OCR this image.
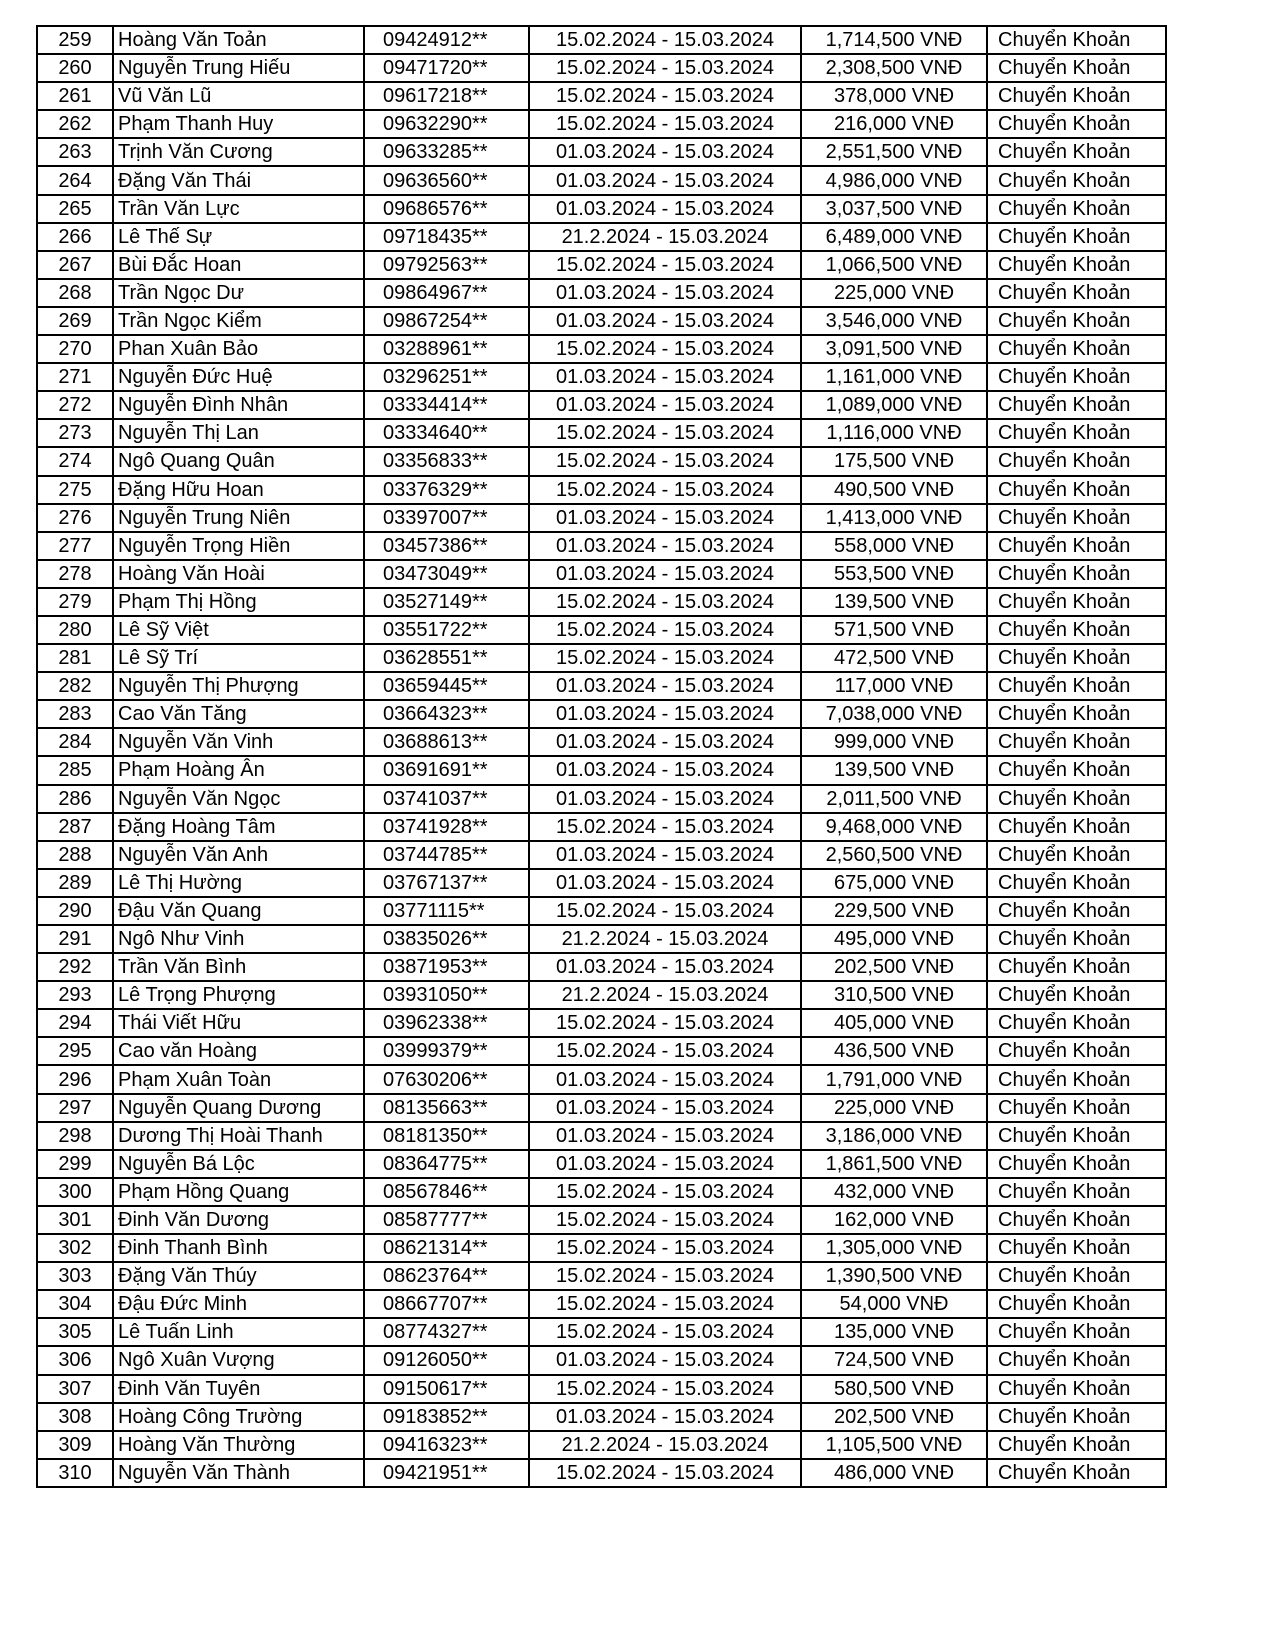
259	Hoàng Văn Toản	09424912**	15.02.2024 - 15.03.2024	1,714,500 VNĐ	Chuyển Khoản
260	Nguyễn Trung Hiếu	09471720**	15.02.2024 - 15.03.2024	2,308,500 VNĐ	Chuyển Khoản
261	Vũ Văn Lũ	09617218**	15.02.2024 - 15.03.2024	378,000 VNĐ	Chuyển Khoản
262	Phạm Thanh Huy	09632290**	15.02.2024 - 15.03.2024	216,000 VNĐ	Chuyển Khoản
263	Trịnh Văn Cương	09633285**	01.03.2024 - 15.03.2024	2,551,500 VNĐ	Chuyển Khoản
264	Đặng Văn Thái	09636560**	01.03.2024 - 15.03.2024	4,986,000 VNĐ	Chuyển Khoản
265	Trần Văn Lực	09686576**	01.03.2024 - 15.03.2024	3,037,500 VNĐ	Chuyển Khoản
266	Lê Thế Sự	09718435**	21.2.2024 - 15.03.2024	6,489,000 VNĐ	Chuyển Khoản
267	Bùi Đắc Hoan	09792563**	15.02.2024 - 15.03.2024	1,066,500 VNĐ	Chuyển Khoản
268	Trần Ngọc Dư	09864967**	01.03.2024 - 15.03.2024	225,000 VNĐ	Chuyển Khoản
269	Trần Ngọc Kiểm	09867254**	01.03.2024 - 15.03.2024	3,546,000 VNĐ	Chuyển Khoản
270	Phan Xuân Bảo	03288961**	15.02.2024 - 15.03.2024	3,091,500 VNĐ	Chuyển Khoản
271	Nguyễn Đức Huệ	03296251**	01.03.2024 - 15.03.2024	1,161,000 VNĐ	Chuyển Khoản
272	Nguyễn Đình Nhân	03334414**	01.03.2024 - 15.03.2024	1,089,000 VNĐ	Chuyển Khoản
273	Nguyễn Thị Lan	03334640**	15.02.2024 - 15.03.2024	1,116,000 VNĐ	Chuyển Khoản
274	Ngô Quang Quân	03356833**	15.02.2024 - 15.03.2024	175,500 VNĐ	Chuyển Khoản
275	Đặng Hữu Hoan	03376329**	15.02.2024 - 15.03.2024	490,500 VNĐ	Chuyển Khoản
276	Nguyễn Trung Niên	03397007**	01.03.2024 - 15.03.2024	1,413,000 VNĐ	Chuyển Khoản
277	Nguyễn Trọng Hiền	03457386**	01.03.2024 - 15.03.2024	558,000 VNĐ	Chuyển Khoản
278	Hoàng Văn Hoài	03473049**	01.03.2024 - 15.03.2024	553,500 VNĐ	Chuyển Khoản
279	Phạm Thị Hồng	03527149**	15.02.2024 - 15.03.2024	139,500 VNĐ	Chuyển Khoản
280	Lê Sỹ Việt	03551722**	15.02.2024 - 15.03.2024	571,500 VNĐ	Chuyển Khoản
281	Lê Sỹ Trí	03628551**	15.02.2024 - 15.03.2024	472,500 VNĐ	Chuyển Khoản
282	Nguyễn Thị Phượng	03659445**	01.03.2024 - 15.03.2024	117,000 VNĐ	Chuyển Khoản
283	Cao Văn Tăng	03664323**	01.03.2024 - 15.03.2024	7,038,000 VNĐ	Chuyển Khoản
284	Nguyễn Văn Vinh	03688613**	01.03.2024 - 15.03.2024	999,000 VNĐ	Chuyển Khoản
285	Phạm Hoàng Ân	03691691**	01.03.2024 - 15.03.2024	139,500 VNĐ	Chuyển Khoản
286	Nguyễn Văn Ngọc	03741037**	01.03.2024 - 15.03.2024	2,011,500 VNĐ	Chuyển Khoản
287	Đặng Hoàng Tâm	03741928**	15.02.2024 - 15.03.2024	9,468,000 VNĐ	Chuyển Khoản
288	Nguyễn Văn Anh	03744785**	01.03.2024 - 15.03.2024	2,560,500 VNĐ	Chuyển Khoản
289	Lê Thị Hường	03767137**	01.03.2024 - 15.03.2024	675,000 VNĐ	Chuyển Khoản
290	Đậu Văn Quang	03771115**	15.02.2024 - 15.03.2024	229,500 VNĐ	Chuyển Khoản
291	Ngô Như Vinh	03835026**	21.2.2024 - 15.03.2024	495,000 VNĐ	Chuyển Khoản
292	Trần Văn Bình	03871953**	01.03.2024 - 15.03.2024	202,500 VNĐ	Chuyển Khoản
293	Lê Trọng Phượng	03931050**	21.2.2024 - 15.03.2024	310,500 VNĐ	Chuyển Khoản
294	Thái Viết Hữu	03962338**	15.02.2024 - 15.03.2024	405,000 VNĐ	Chuyển Khoản
295	Cao văn Hoàng	03999379**	15.02.2024 - 15.03.2024	436,500 VNĐ	Chuyển Khoản
296	Phạm Xuân Toàn	07630206**	01.03.2024 - 15.03.2024	1,791,000 VNĐ	Chuyển Khoản
297	Nguyễn Quang Dương	08135663**	01.03.2024 - 15.03.2024	225,000 VNĐ	Chuyển Khoản
298	Dương Thị Hoài Thanh	08181350**	01.03.2024 - 15.03.2024	3,186,000 VNĐ	Chuyển Khoản
299	Nguyễn Bá Lộc	08364775**	01.03.2024 - 15.03.2024	1,861,500 VNĐ	Chuyển Khoản
300	Phạm Hồng Quang	08567846**	15.02.2024 - 15.03.2024	432,000 VNĐ	Chuyển Khoản
301	Đinh Văn Dương	08587777**	15.02.2024 - 15.03.2024	162,000 VNĐ	Chuyển Khoản
302	Đinh Thanh Bình	08621314**	15.02.2024 - 15.03.2024	1,305,000 VNĐ	Chuyển Khoản
303	Đặng Văn Thúy	08623764**	15.02.2024 - 15.03.2024	1,390,500 VNĐ	Chuyển Khoản
304	Đậu Đức Minh	08667707**	15.02.2024 - 15.03.2024	54,000 VNĐ	Chuyển Khoản
305	Lê Tuấn Linh	08774327**	15.02.2024 - 15.03.2024	135,000 VNĐ	Chuyển Khoản
306	Ngô Xuân Vượng	09126050**	01.03.2024 - 15.03.2024	724,500 VNĐ	Chuyển Khoản
307	Đinh Văn Tuyên	09150617**	15.02.2024 - 15.03.2024	580,500 VNĐ	Chuyển Khoản
308	Hoàng Công Trường	09183852**	01.03.2024 - 15.03.2024	202,500 VNĐ	Chuyển Khoản
309	Hoàng Văn Thường	09416323**	21.2.2024 - 15.03.2024	1,105,500 VNĐ	Chuyển Khoản
310	Nguyễn Văn Thành	09421951**	15.02.2024 - 15.03.2024	486,000 VNĐ	Chuyển Khoản
